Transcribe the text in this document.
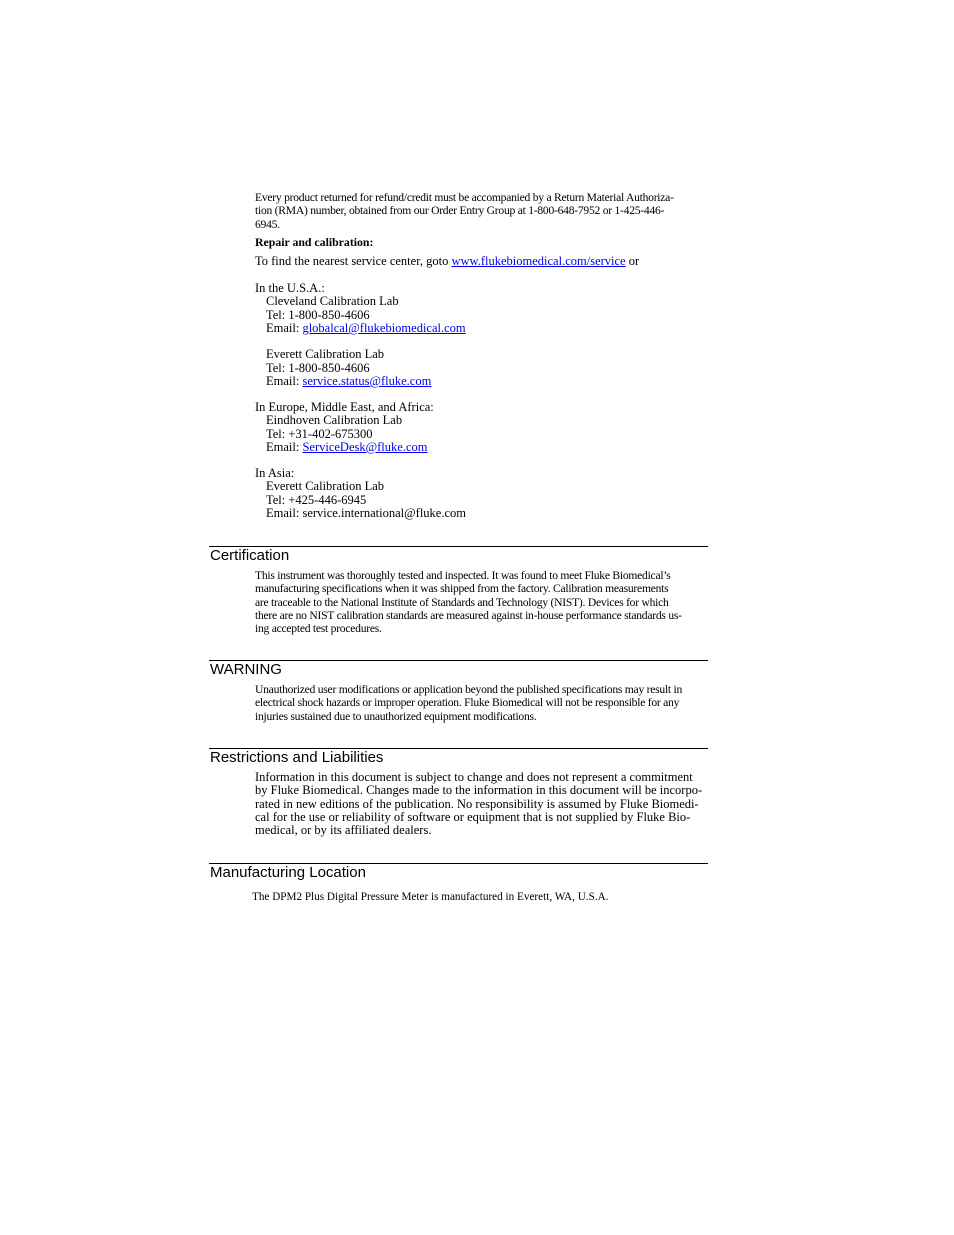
Every product returned for refund/credit must be accompanied by a Return Material Authoriza-

tion (RMA) number, obtained from our Order Entry Group at 1-800-648-7952 or 1-425-446-

6945.

Repair and calibration:
To find the nearest service center, goto www.flukebiomedical.com/service or

In the U.S.A.:

Cleveland Calibration Lab

Tel: 1-800-850-4606

Email: globalcal@flukebiomedical.com

Everett Calibration Lab

Tel: 1-800-850-4606

Email: service.status@fluke.com

In Europe, Middle East, and Africa:

Eindhoven Calibration Lab

Tel: +31-402-675300

Email: ServiceDesk@fluke.com

In Asia:

Everett Calibration Lab

Tel: +425-446-6945

Email: service.international@fluke.com

Certification

This instrument was thoroughly tested and inspected. It was found to meet Fluke Biomedical’s

manufacturing specifications when it was shipped from the factory. Calibration measurements

are traceable to the National Institute of Standards and Technology (NIST). Devices for which

there are no NIST calibration standards are measured against in-house performance standards us-

ing accepted test procedures.

WARNING

Unauthorized user modifications or application beyond the published specifications may result in

electrical shock hazards or improper operation. Fluke Biomedical will not be responsible for any

injuries sustained due to unauthorized equipment modifications.

Restrictions and Liabilities

Information in this document is subject to change and does not represent a commitment

by Fluke Biomedical. Changes made to the information in this document will be incorpo-

rated in new editions of the publication. No responsibility is assumed by Fluke Biomedi-

cal for the use or reliability of software or equipment that is not supplied by Fluke Bio-

medical, or by its affiliated dealers.

Manufacturing Location
The DPM2 Plus Digital Pressure Meter is manufactured in Everett, WA, U.S.A.
